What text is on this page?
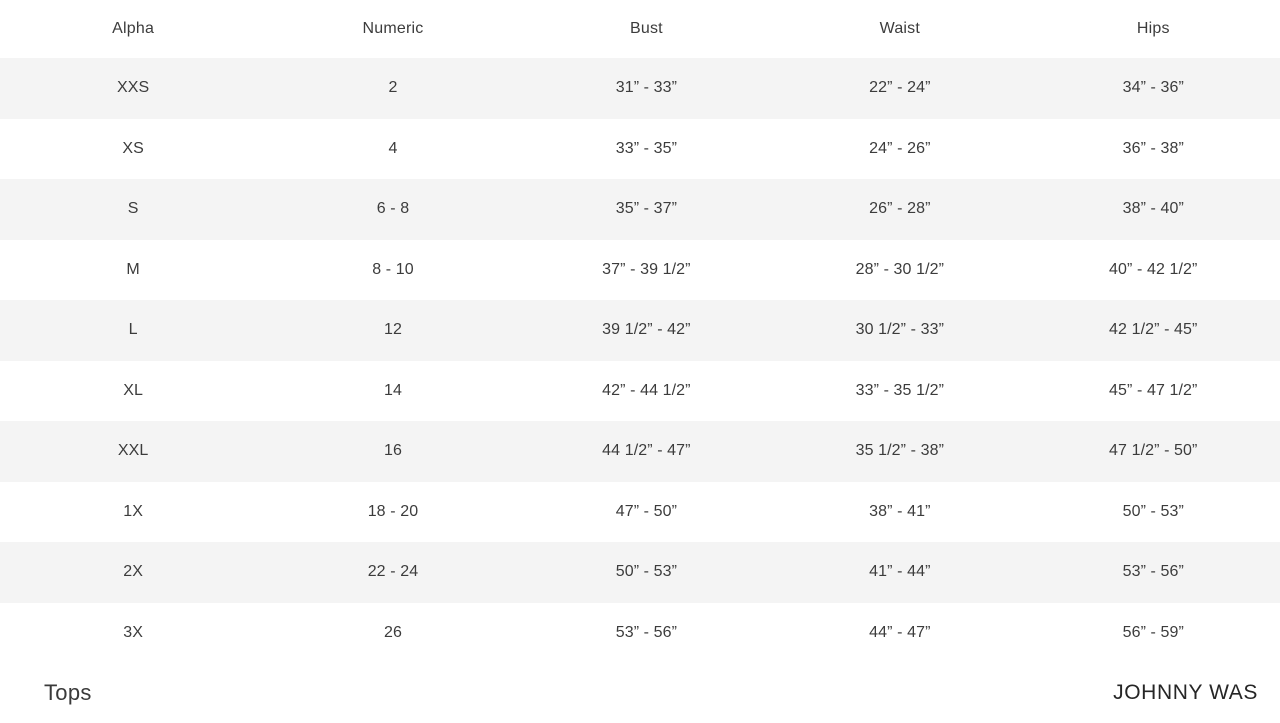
Alpha	Numeric	Bust	Waist	Hips
XXS	2	31” - 33”	22” - 24”	34” - 36”
XS	4	33” - 35”	24” - 26”	36” - 38”
S	6 - 8	35” - 37”	26” - 28”	38” - 40”
M	8 - 10	37” - 39 1/2”	28” - 30 1/2”	40” - 42 1/2”
L	12	39 1/2” - 42”	30 1/2” - 33”	42 1/2” - 45”
XL	14	42” - 44 1/2”	33” - 35 1/2”	45” - 47 1/2”
XXL	16	44 1/2” - 47”	35 1/2” - 38”	47 1/2” - 50”
1X	18 - 20	47” - 50”	38” - 41”	50” - 53”
2X	22 - 24	50” - 53”	41” - 44”	53” - 56”
3X	26	53” - 56”	44” - 47”	56” - 59”
Tops	JOHNNY WAS
